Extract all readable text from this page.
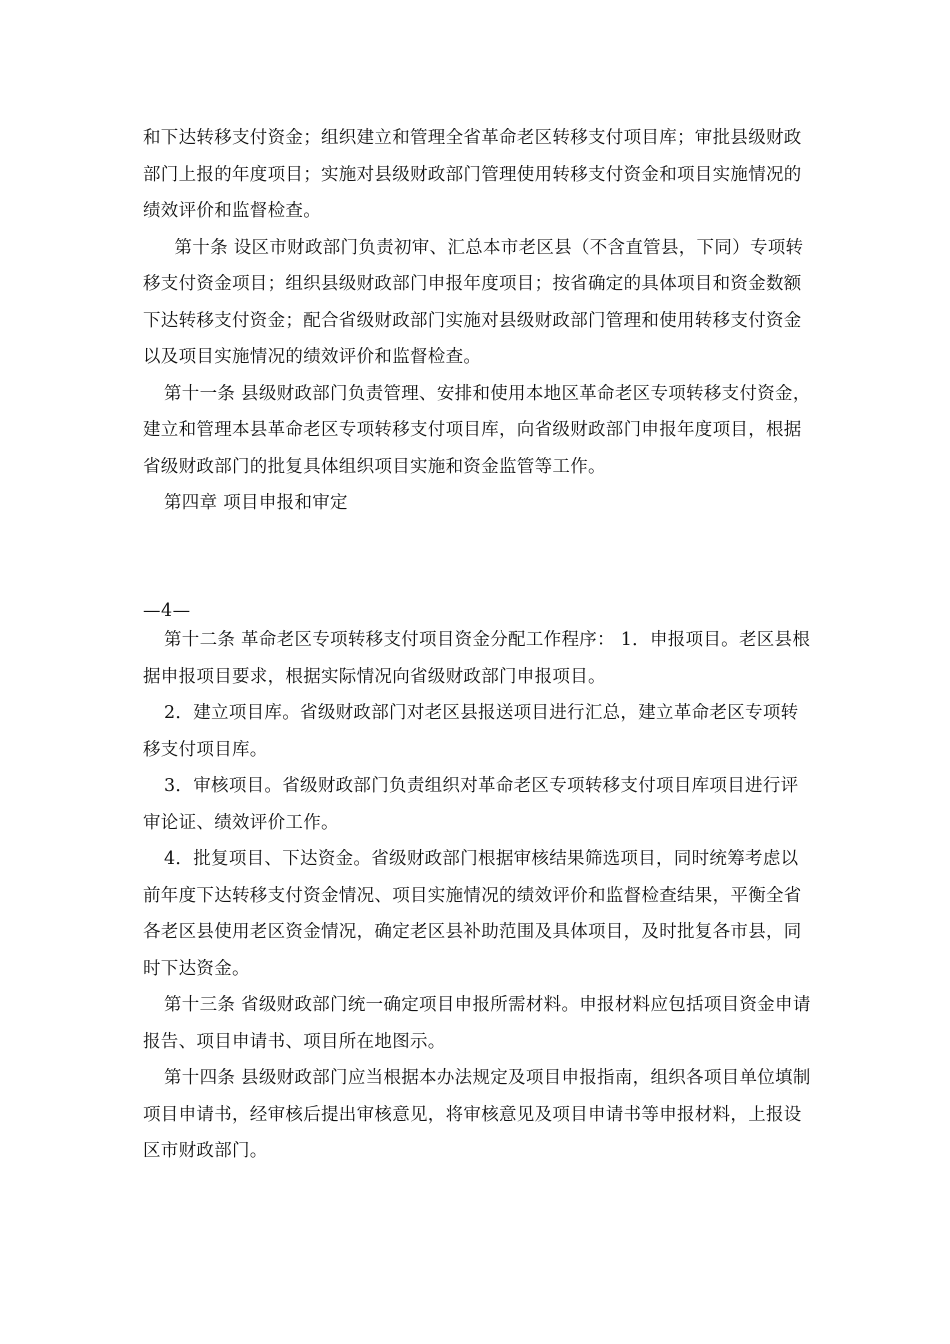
和下达转移支付资金；组织建立和管理全省革命老区转移支付项目库；审批县级财政部门上报的年度项目；实施对县级财政部门管理使用转移支付资金和项目实施情况的绩效评价和监督检查。

第十条 设区市财政部门负责初审、汇总本市老区县（不含直管县，下同）专项转移支付资金项目；组织县级财政部门申报年度项目；按省确定的具体项目和资金数额下达转移支付资金；配合省级财政部门实施对县级财政部门管理和使用转移支付资金以及项目实施情况的绩效评价和监督检查。

第十一条 县级财政部门负责管理、安排和使用本地区革命老区专项转移支付资金，建立和管理本县革命老区专项转移支付项目库，向省级财政部门申报年度项目，根据省级财政部门的批复具体组织项目实施和资金监管等工作。

第四章 项目申报和审定

—4—

第十二条 革命老区专项转移支付项目资金分配工作程序： 1．申报项目。老区县根据申报项目要求，根据实际情况向省级财政部门申报项目。

2．建立项目库。省级财政部门对老区县报送项目进行汇总，建立革命老区专项转移支付项目库。

3．审核项目。省级财政部门负责组织对革命老区专项转移支付项目库项目进行评审论证、绩效评价工作。

4．批复项目、下达资金。省级财政部门根据审核结果筛选项目，同时统筹考虑以前年度下达转移支付资金情况、项目实施情况的绩效评价和监督检查结果，平衡全省各老区县使用老区资金情况，确定老区县补助范围及具体项目，及时批复各市县，同时下达资金。

第十三条 省级财政部门统一确定项目申报所需材料。申报材料应包括项目资金申请报告、项目申请书、项目所在地图示。

第十四条 县级财政部门应当根据本办法规定及项目申报指南，组织各项目单位填制项目申请书，经审核后提出审核意见，将审核意见及项目申请书等申报材料，上报设区市财政部门。
